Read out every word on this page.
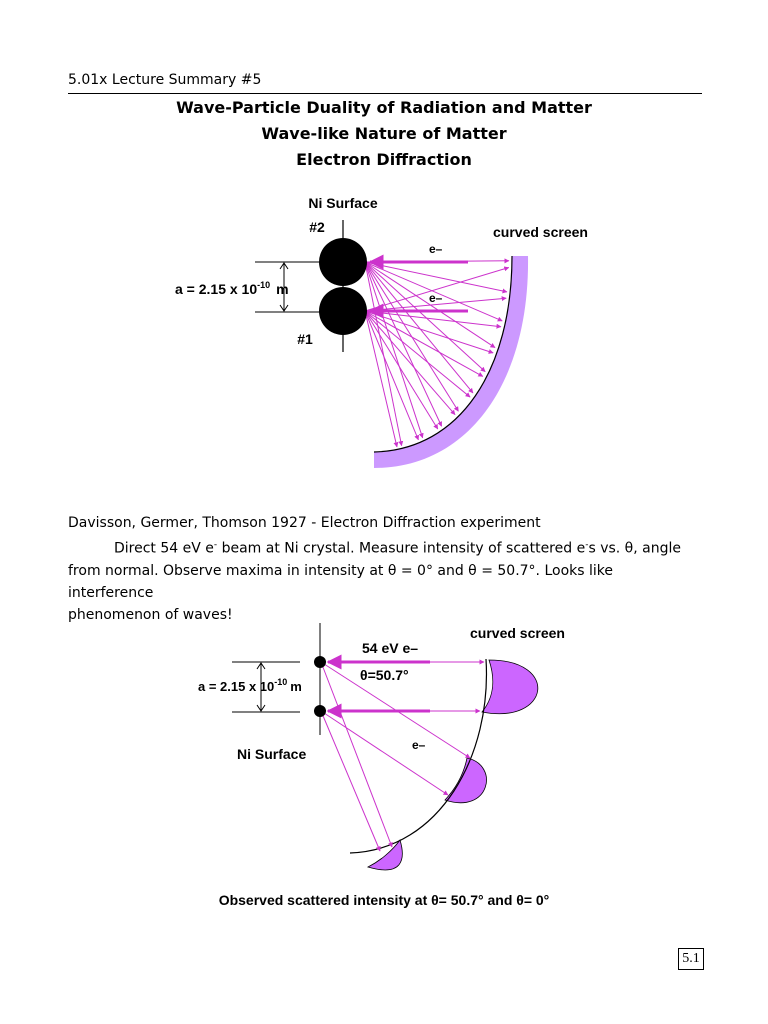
5.01x Lecture Summary #5
Wave-Particle Duality of Radiation and Matter
Wave-like Nature of Matter
Electron Diffraction
Ni Surface
#2
#1
curved screen
a = 2.15 x $10^{-10}$ m
e–
e–
Davisson, Germer, Thomson 1927 - Electron Diffraction experiment
Direct 54 eV e- beam at Ni crystal. Measure intensity of scattered e-s vs. θ, angle
from normal. Observe maxima in intensity at θ = 0° and θ = 50.7°. Looks like interference
phenomenon of waves!
curved screen
54 eV e–
θ=50.7°
e–
Ni Surface
a = 2.15 x $10^{-10}$ m
Observed scattered intensity at θ= 50.7° and θ= 0°
5.1
